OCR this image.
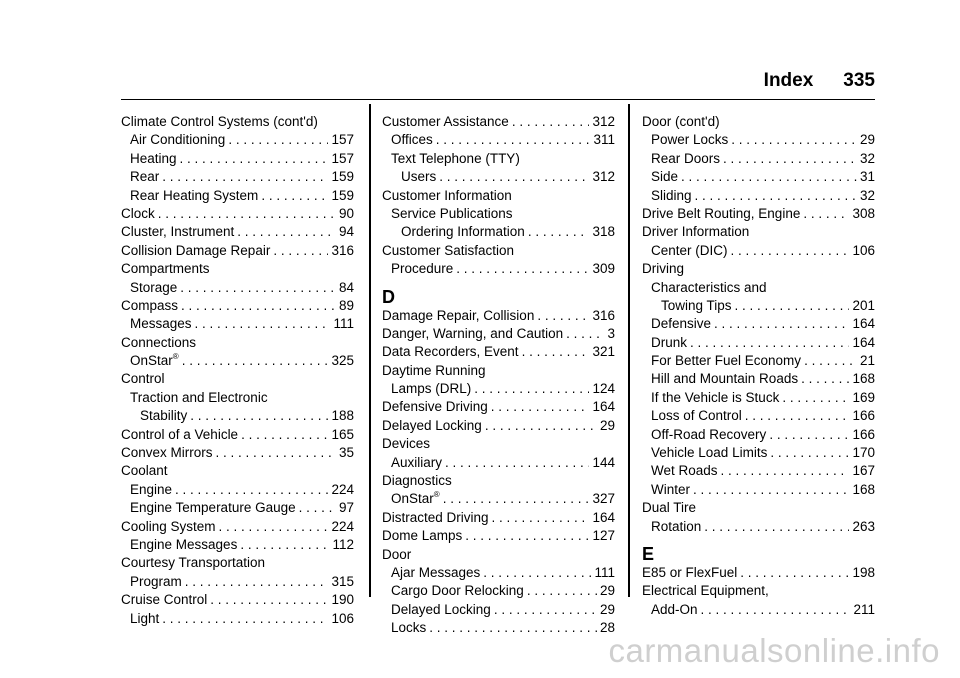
Index 335
Climate Control Systems (cont'd)
Air Conditioning . . .	157
Heating . . .	157
Rear . . .	159
Rear Heating System . . .	159
Clock . . .	90
Cluster, Instrument . . .	94
Collision Damage Repair . . .	316
Compartments
Storage . . .	84
Compass . . .	89
Messages . . .	111
Connections
OnStar® . . .	325
Control
Traction and Electronic
Stability . . .	188
Control of a Vehicle . . .	165
Convex Mirrors . . .	35
Coolant
Engine . . .	224
Engine Temperature Gauge . . .	97
Cooling System . . .	224
Engine Messages . . .	112
Courtesy Transportation
Program . . .	315
Cruise Control . . .	190
Light . . .	106
Customer Assistance . . .	312
Offices . . .	311
Text Telephone (TTY)
Users . . .	312
Customer Information
Service Publications
Ordering Information . . .	318
Customer Satisfaction
Procedure . . .	309
D
Damage Repair, Collision . . .	316
Danger, Warning, and Caution . . .	3
Data Recorders, Event . . .	321
Daytime Running
Lamps (DRL) . . .	124
Defensive Driving . . .	164
Delayed Locking . . .	29
Devices
Auxiliary . . .	144
Diagnostics
OnStar® . . .	327
Distracted Driving . . .	164
Dome Lamps . . .	127
Door
Ajar Messages . . .	111
Cargo Door Relocking . . .	29
Delayed Locking . . .	29
Locks . . .	28
Door (cont'd)
Power Locks . . .	29
Rear Doors . . .	32
Side . . .	31
Sliding . . .	32
Drive Belt Routing, Engine . . .	308
Driver Information
Center (DIC) . . .	106
Driving
Characteristics and
Towing Tips . . .	201
Defensive . . .	164
Drunk . . .	164
For Better Fuel Economy . . .	21
Hill and Mountain Roads . . .	168
If the Vehicle is Stuck . . .	169
Loss of Control . . .	166
Off-Road Recovery . . .	166
Vehicle Load Limits . . .	170
Wet Roads . . .	167
Winter . . .	168
Dual Tire
Rotation . . .	263
E
E85 or FlexFuel . . .	198
Electrical Equipment,
Add-On . . .	211
carmanualsonline.info
